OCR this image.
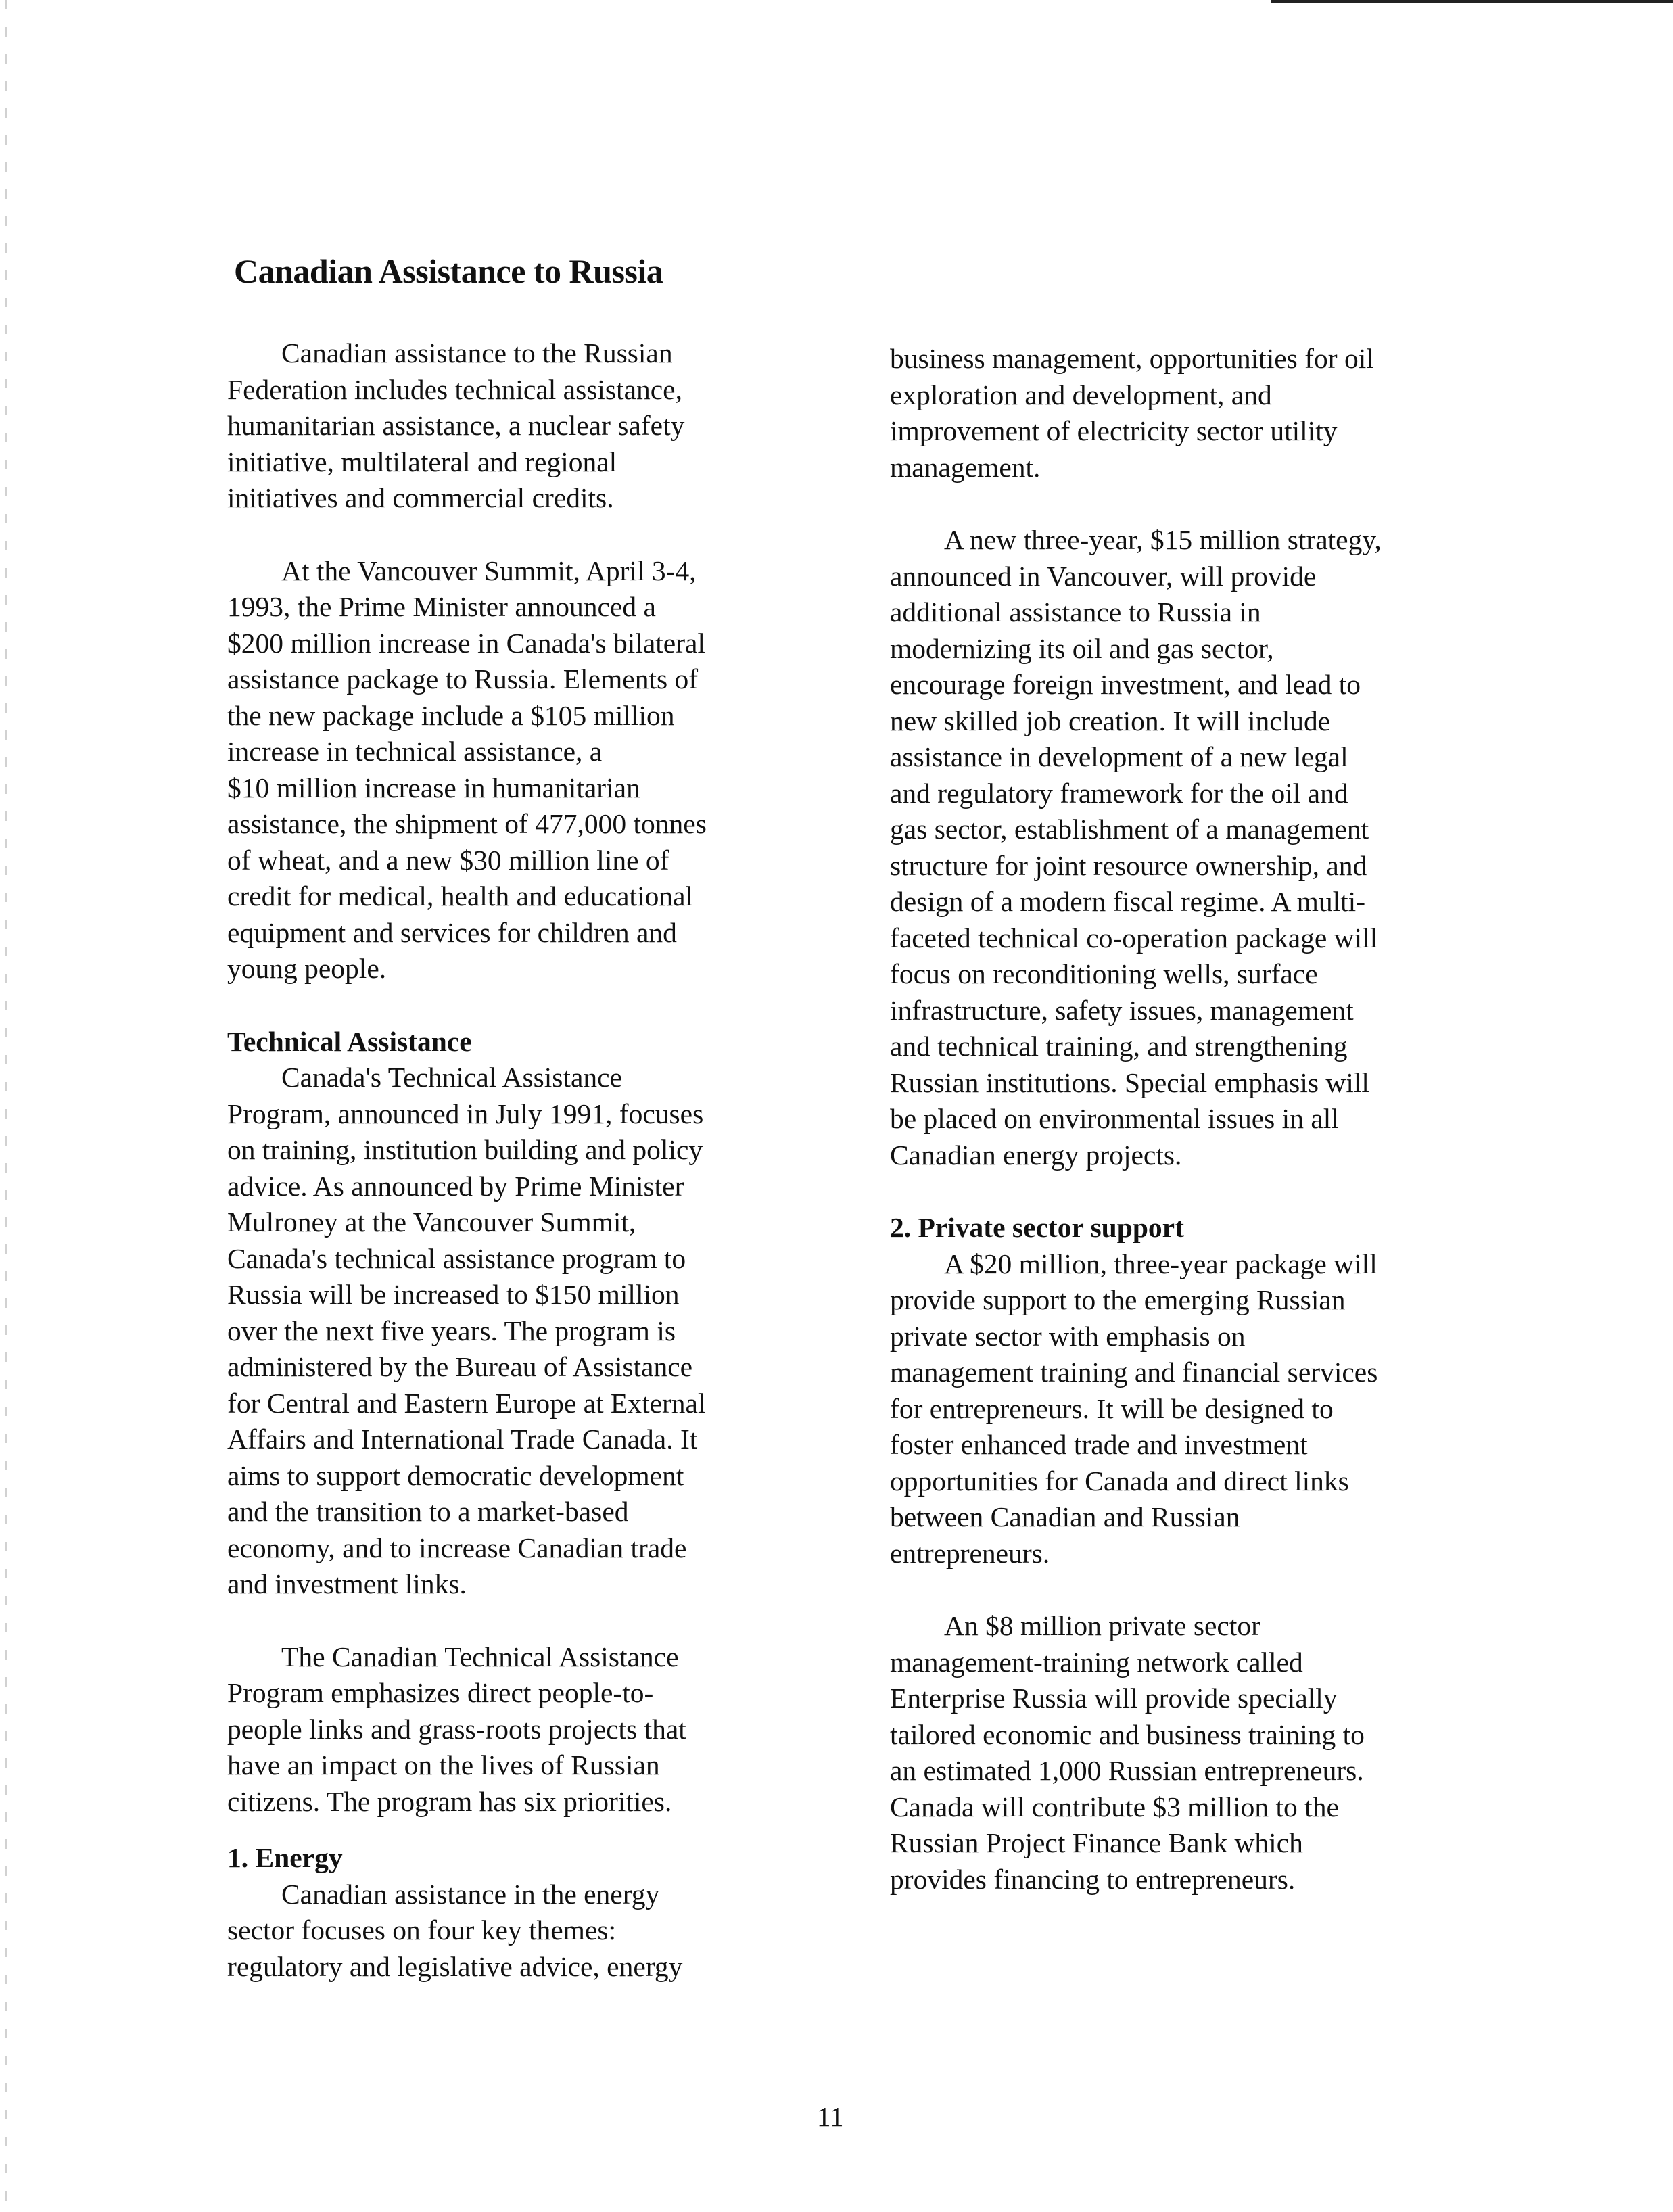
Canadian Assistance to Russia

Canadian assistance to the Russian
Federation includes technical assistance,
humanitarian assistance, a nuclear safety
initiative, multilateral and regional
initiatives and commercial credits.

At the Vancouver Summit, April 3-4,
1993, the Prime Minister announced a
$200 million increase in Canada's bilateral
assistance package to Russia. Elements of
the new package include a $105 million
increase in technical assistance, a
$10 million increase in humanitarian
assistance, the shipment of 477,000 tonnes
of wheat, and a new $30 million line of
credit for medical, health and educational
equipment and services for children and
young people.

Technical Assistance

Canada's Technical Assistance
Program, announced in July 1991, focuses
on training, institution building and policy
advice. As announced by Prime Minister
Mulroney at the Vancouver Summit,
Canada's technical assistance program to
Russia will be increased to $150 million
over the next five years. The program is
administered by the Bureau of Assistance
for Central and Eastern Europe at External
Affairs and International Trade Canada. It
aims to support democratic development
and the transition to a market-based
economy, and to increase Canadian trade
and investment links.

The Canadian Technical Assistance
Program emphasizes direct people-to-
people links and grass-roots projects that
have an impact on the lives of Russian
citizens. The program has six priorities.

1. Energy

Canadian assistance in the energy
sector focuses on four key themes:
regulatory and legislative advice, energy

business management, opportunities for oil
exploration and development, and
improvement of electricity sector utility
management.

A new three-year, $15 million strategy,
announced in Vancouver, will provide
additional assistance to Russia in
modernizing its oil and gas sector,
encourage foreign investment, and lead to
new skilled job creation. It will include
assistance in development of a new legal
and regulatory framework for the oil and
gas sector, establishment of a management
structure for joint resource ownership, and
design of a modern fiscal regime. A multi-
faceted technical co-operation package will
focus on reconditioning wells, surface
infrastructure, safety issues, management
and technical training, and strengthening
Russian institutions. Special emphasis will
be placed on environmental issues in all
Canadian energy projects.

2. Private sector support

A $20 million, three-year package will
provide support to the emerging Russian
private sector with emphasis on
management training and financial services
for entrepreneurs. It will be designed to
foster enhanced trade and investment
opportunities for Canada and direct links
between Canadian and Russian
entrepreneurs.

An $8 million private sector
management-training network called
Enterprise Russia will provide specially
tailored economic and business training to
an estimated 1,000 Russian entrepreneurs.
Canada will contribute $3 million to the
Russian Project Finance Bank which
provides financing to entrepreneurs.

11
